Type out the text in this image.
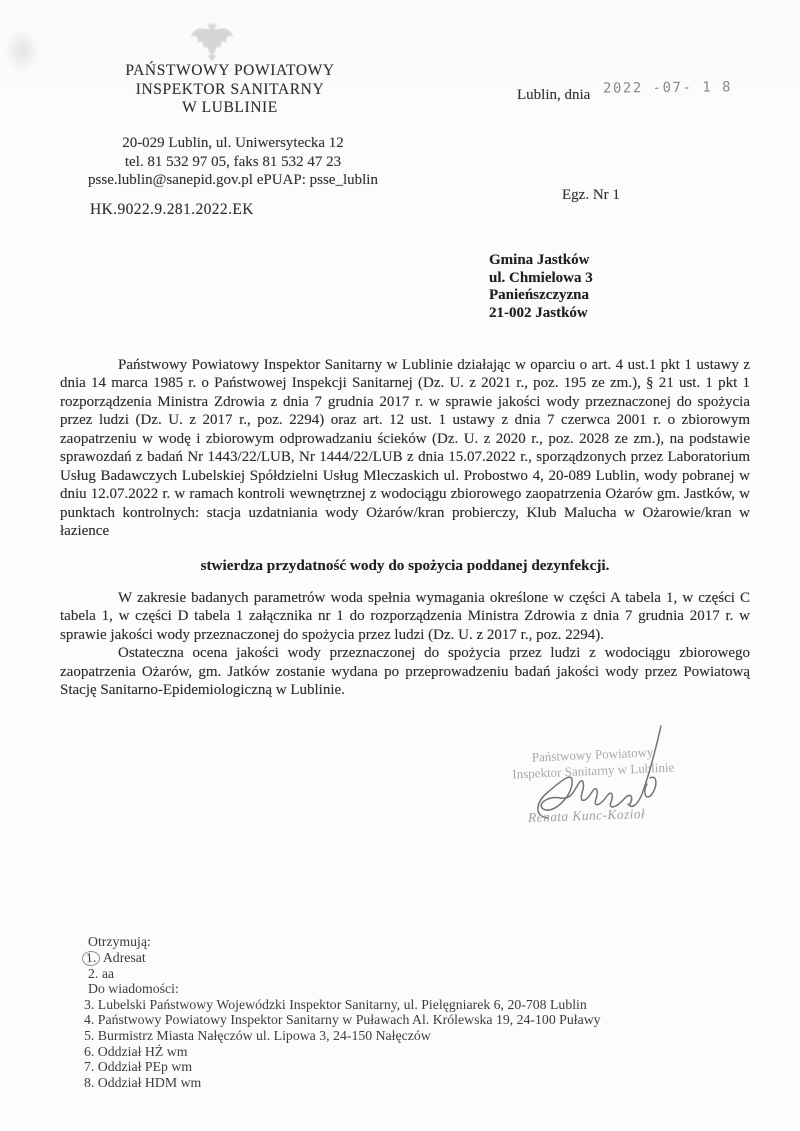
PAŃSTWOWY POWIATOWY
INSPEKTOR SANITARNY
W LUBLINIE
20-029 Lublin, ul. Uniwersytecka 12
tel. 81 532 97 05, faks 81 532 47 23
psse.lublin@sanepid.gov.pl ePUAP: psse_lublin
HK.9022.9.281.2022.EK
Lublin, dnia 2022 -07- 1 8
Egz. Nr 1
Gmina Jastków
ul. Chmielowa 3
Panieńszczyzna
21-002 Jastków

Państwowy Powiatowy Inspektor Sanitarny w Lublinie działając w oparciu o art. 4 ust.1 pkt 1 ustawy z dnia 14 marca 1985 r. o Państwowej Inspekcji Sanitarnej (Dz. U. z 2021 r., poz. 195 ze zm.), § 21 ust. 1 pkt 1 rozporządzenia Ministra Zdrowia z dnia 7 grudnia 2017 r. w sprawie jakości wody przeznaczonej do spożycia przez ludzi (Dz. U. z 2017 r., poz. 2294) oraz art. 12 ust. 1 ustawy z dnia 7 czerwca 2001 r. o zbiorowym zaopatrzeniu w wodę i zbiorowym odprowadzaniu ścieków (Dz. U. z 2020 r., poz. 2028 ze zm.), na podstawie sprawozdań z badań Nr 1443/22/LUB, Nr 1444/22/LUB z dnia 15.07.2022 r., sporządzonych przez Laboratorium Usług Badawczych Lubelskiej Spółdzielni Usług Mleczaskich ul. Probostwo 4, 20-089 Lublin, wody pobranej w dniu 12.07.2022 r. w ramach kontroli wewnętrznej z wodociągu zbiorowego zaopatrzenia Ożarów gm. Jastków, w punktach kontrolnych: stacja uzdatniania wody Ożarów/kran probierczy, Klub Malucha w Ożarowie/kran w łazience

stwierdza przydatność wody do spożycia poddanej dezynfekcji.

W zakresie badanych parametrów woda spełnia wymagania określone w części A tabela 1, w części C tabela 1, w części D tabela 1 załącznika nr 1 do rozporządzenia Ministra Zdrowia z dnia 7 grudnia 2017 r. w sprawie jakości wody przeznaczonej do spożycia przez ludzi (Dz. U. z 2017 r., poz. 2294).

Ostateczna ocena jakości wody przeznaczonej do spożycia przez ludzi z wodociągu zbiorowego zaopatrzenia Ożarów, gm. Jatków zostanie wydana po przeprowadzeniu badań jakości wody przez Powiatową Stację Sanitarno-Epidemiologiczną w Lublinie.

Państwowy Powiatowy
Inspektor Sanitarny w Lublinie
Renata Kunc-Kozioł
Otrzymują:
1. Adresat
2. aa
Do wiadomości:
3. Lubelski Państwowy Wojewódzki Inspektor Sanitarny, ul. Pielęgniarek 6, 20-708 Lublin
4. Państwowy Powiatowy Inspektor Sanitarny w Puławach Al. Królewska 19, 24-100 Puławy
5. Burmistrz Miasta Nałęczów ul. Lipowa 3, 24-150 Nałęczów
6. Oddział HŻ wm
7. Oddział PEp wm
8. Oddział HDM wm
